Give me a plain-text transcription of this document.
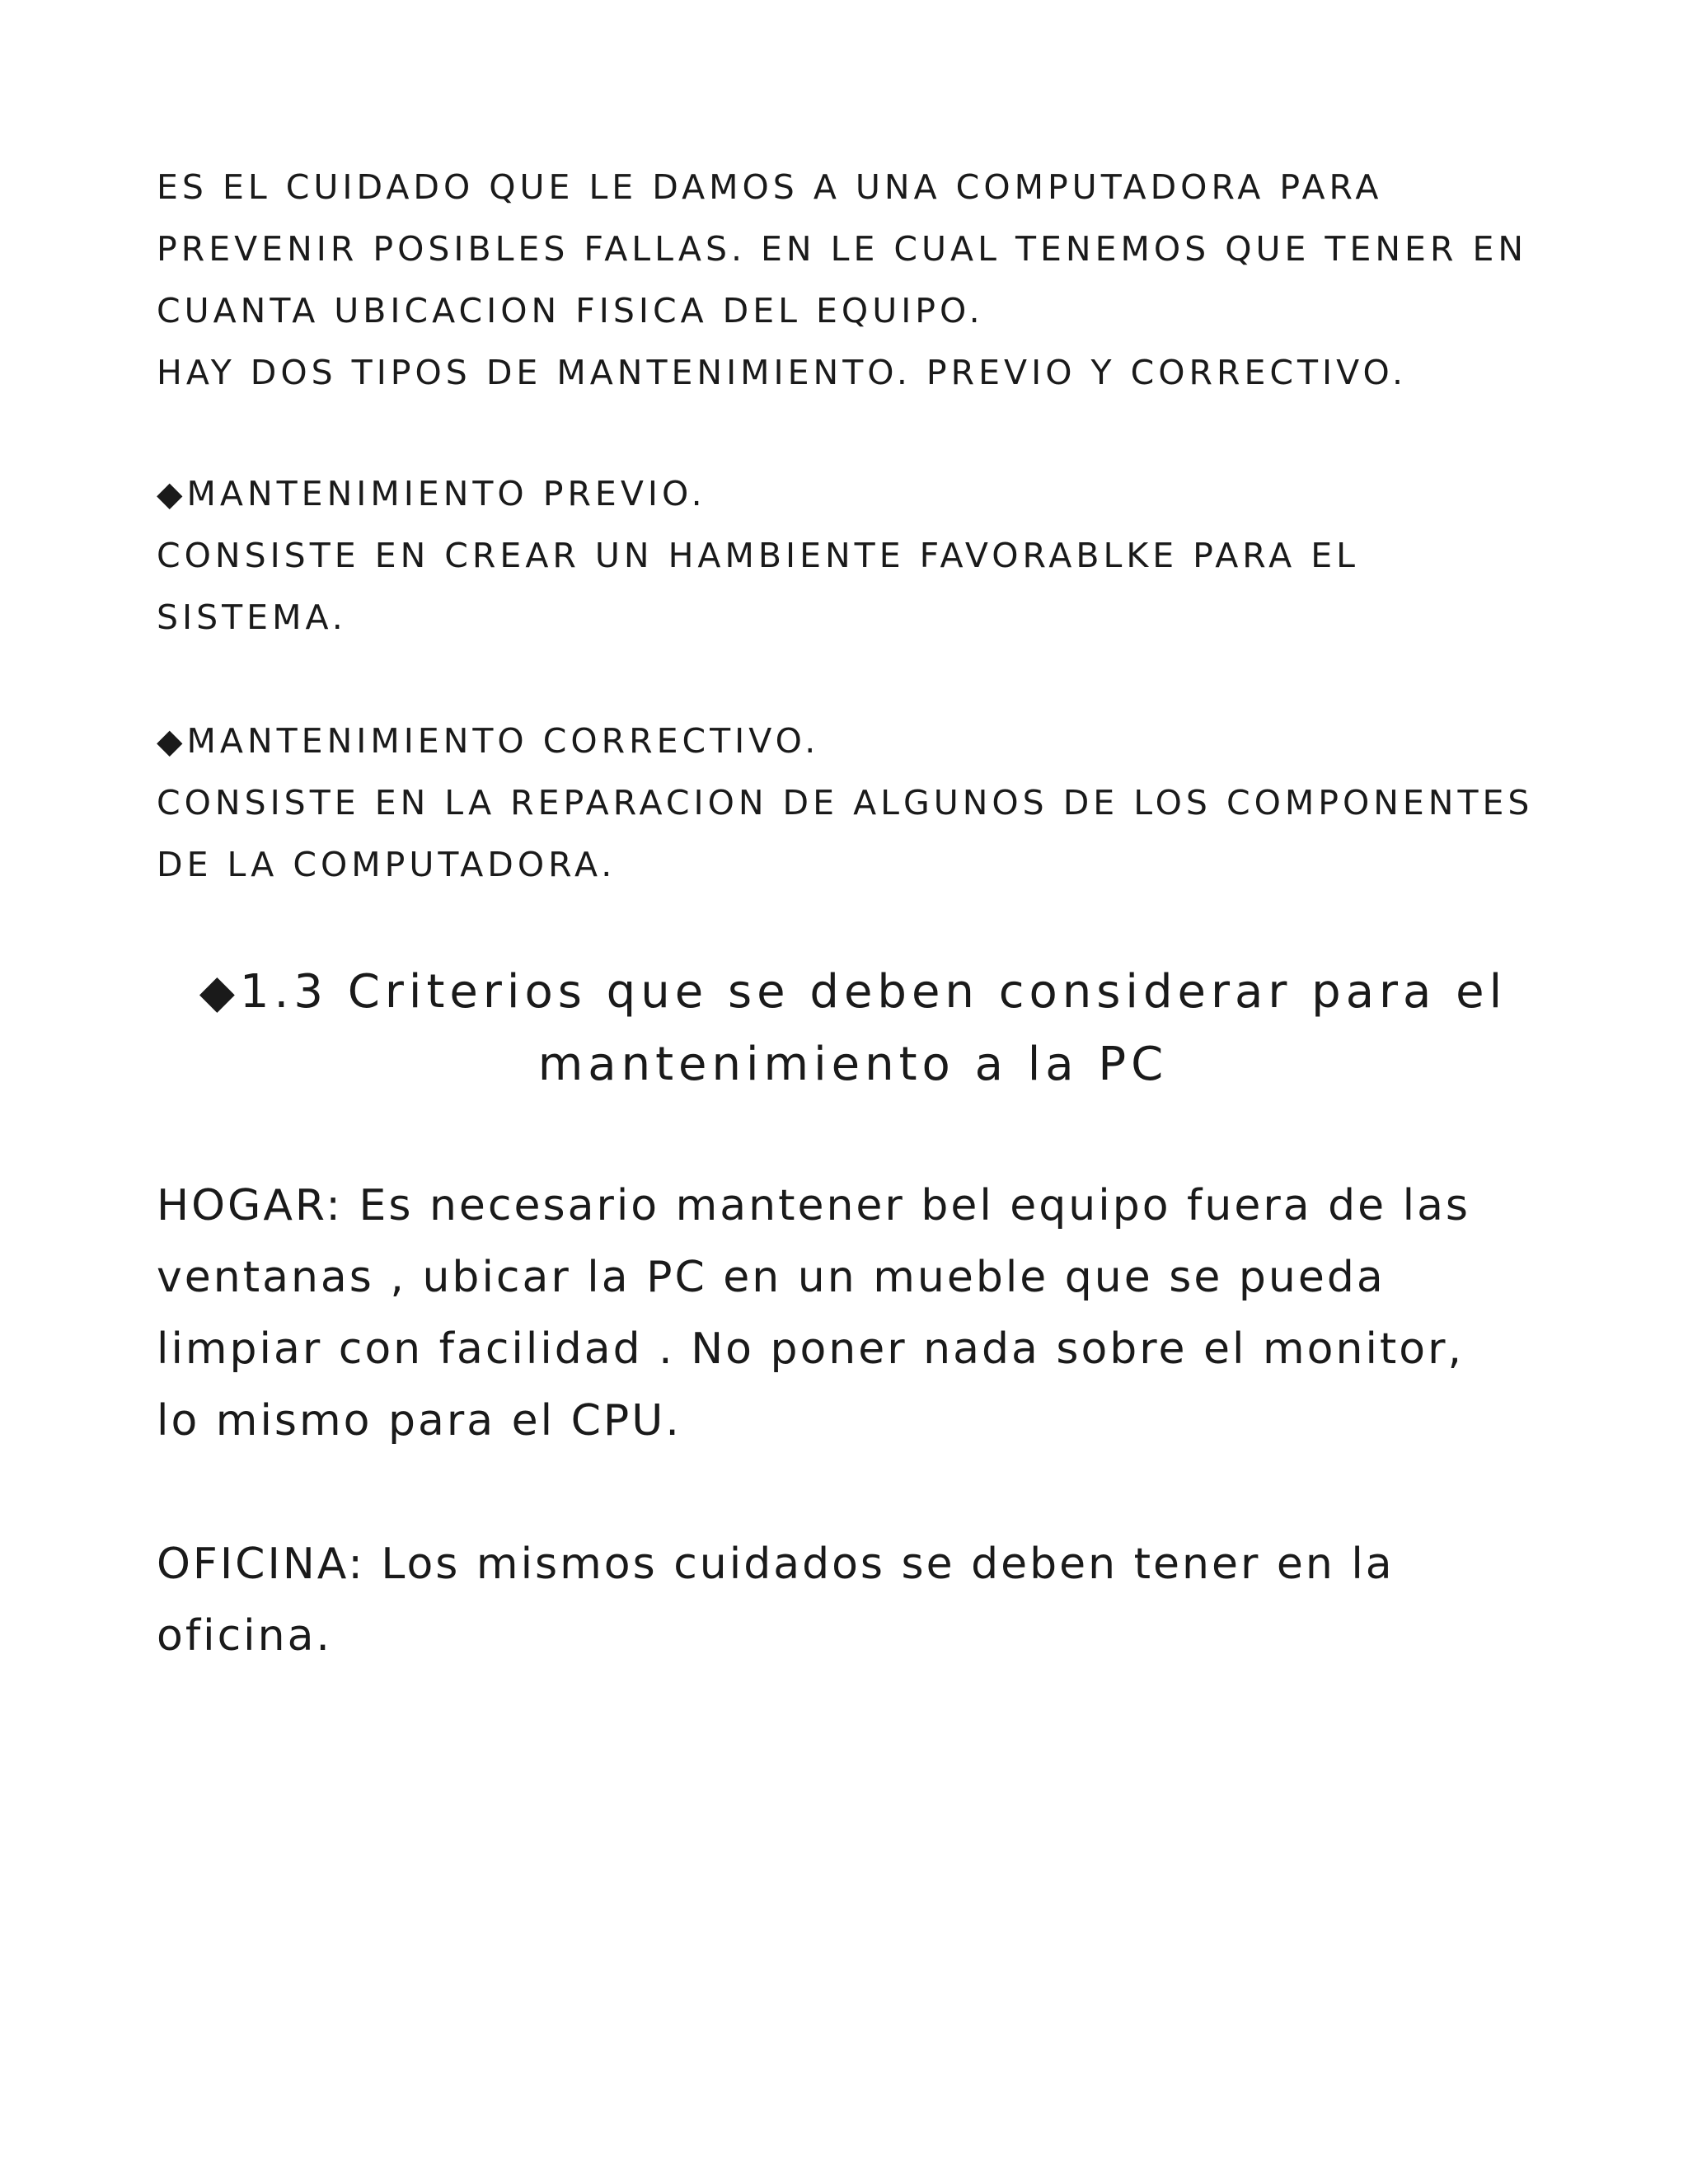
ES EL CUIDADO QUE LE DAMOS A UNA COMPUTADORA PARA
PREVENIR POSIBLES FALLAS. EN LE CUAL TENEMOS QUE TENER EN
CUANTA UBICACION FISICA DEL EQUIPO.
HAY DOS TIPOS DE MANTENIMIENTO. PREVIO Y CORRECTIVO.
◆MANTENIMIENTO PREVIO.
CONSISTE EN CREAR UN HAMBIENTE FAVORABLKE PARA EL
SISTEMA.
◆MANTENIMIENTO CORRECTIVO.
CONSISTE EN LA REPARACION DE ALGUNOS DE LOS COMPONENTES
DE LA COMPUTADORA.
◆1.3 Criterios que se deben considerar para el
mantenimiento a la PC
HOGAR: Es necesario mantener bel equipo fuera de las
ventanas , ubicar la PC en un mueble que se pueda
limpiar con facilidad . No poner nada sobre el monitor,
lo mismo para el CPU.
OFICINA: Los mismos cuidados se deben tener en la
oficina.
